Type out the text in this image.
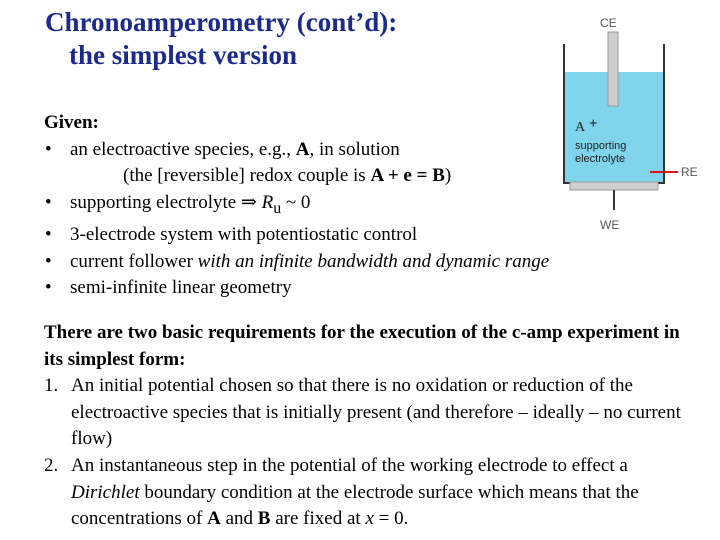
Chronoamperometry (cont’d):
the simplest version
Given:
• an electroactive species, e.g., A, in solution
(the [reversible] redox couple is A + e = B)
• supporting electrolyte ⇒ $R_u$ ~ 0
• 3-electrode system with potentiostatic control
• current follower with an infinite bandwidth and dynamic range
• semi-infinite linear geometry
There are two basic requirements for the execution of the c-amp experiment in its simplest form:
1. An initial potential chosen so that there is no oxidation or reduction of the electroactive species that is initially present (and therefore – ideally – no current flow)
2. An instantaneous step in the potential of the working electrode to effect a Dirichlet boundary condition at the electrode surface which means that the concentrations of A and B are fixed at x = 0.
CE
RE
WE
A +
supporting
electrolyte
